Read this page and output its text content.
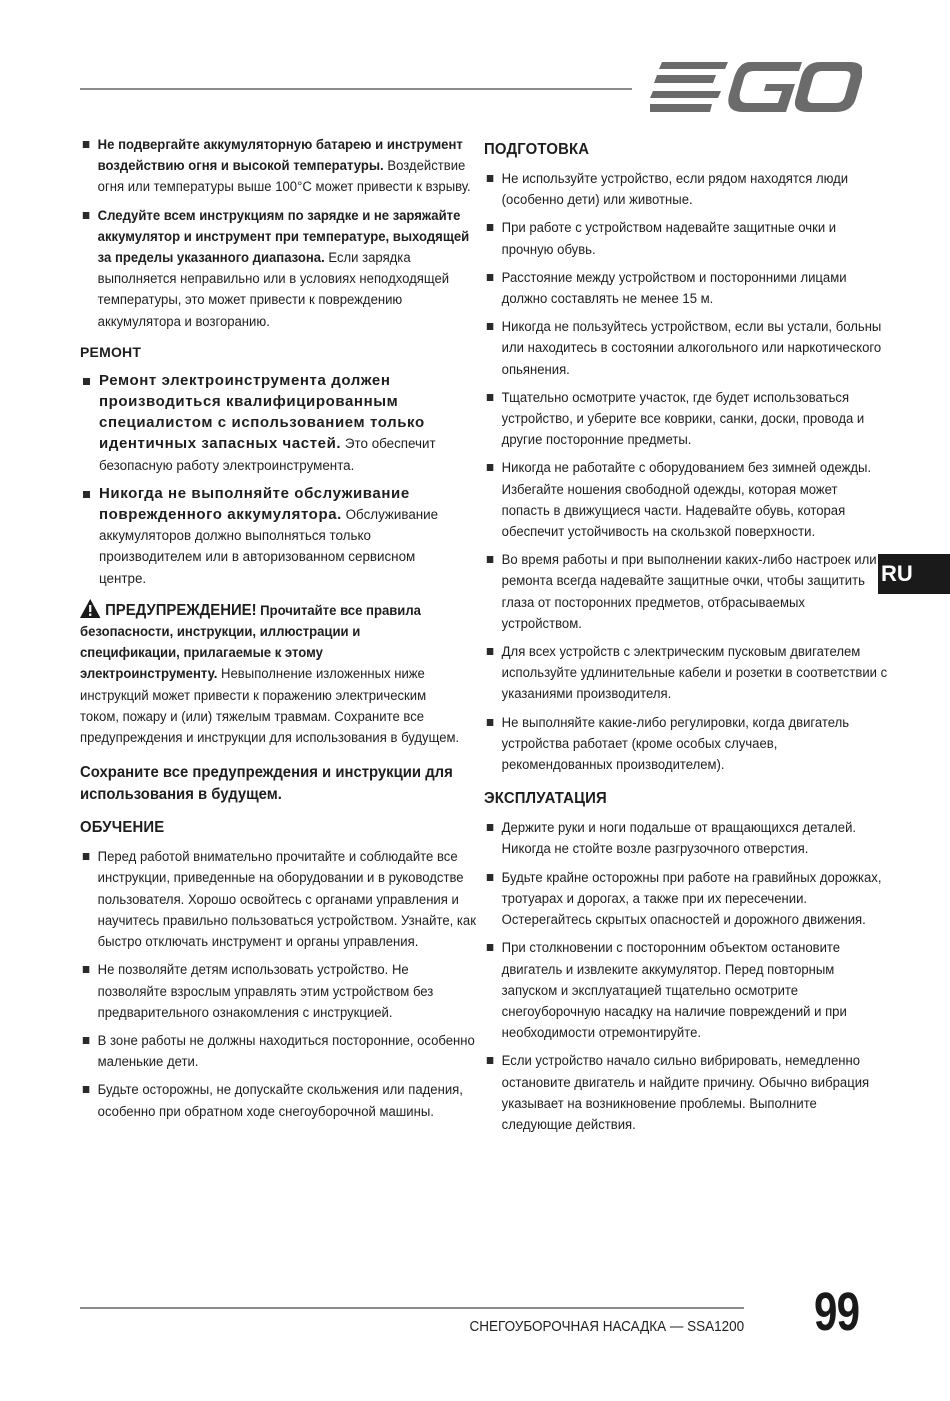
EGO
Не подвергайте аккумуляторную батарею и инструмент воздействию огня и высокой температуры. Воздействие огня или температуры выше 100°C может привести к взрыву.
Следуйте всем инструкциям по зарядке и не заряжайте аккумулятор и инструмент при температуре, выходящей за пределы указанного диапазона. Если зарядка выполняется неправильно или в условиях неподходящей температуры, это может привести к повреждению аккумулятора и возгоранию.
РЕМОНТ
Ремонт электроинструмента должен производиться квалифицированным специалистом с использованием только идентичных запасных частей. Это обеспечит безопасную работу электроинструмента.
Никогда не выполняйте обслуживание поврежденного аккумулятора. Обслуживание аккумуляторов должно выполняться только производителем или в авторизованном сервисном центре.
ПРЕДУПРЕЖДЕНИЕ! Прочитайте все правила безопасности, инструкции, иллюстрации и спецификации, прилагаемые к этому электроинструменту. Невыполнение изложенных ниже инструкций может привести к поражению электрическим током, пожару и (или) тяжелым травмам. Сохраните все предупреждения и инструкции для использования в будущем.
Сохраните все предупреждения и инструкции для использования в будущем.
ОБУЧЕНИЕ
Перед работой внимательно прочитайте и соблюдайте все инструкции, приведенные на оборудовании и в руководстве пользователя. Хорошо освойтесь с органами управления и научитесь правильно пользоваться устройством. Узнайте, как быстро отключать инструмент и органы управления.
Не позволяйте детям использовать устройство. Не позволяйте взрослым управлять этим устройством без предварительного ознакомления с инструкцией.
В зоне работы не должны находиться посторонние, особенно маленькие дети.
Будьте осторожны, не допускайте скольжения или падения, особенно при обратном ходе снегоуборочной машины.
ПОДГОТОВКА
Не используйте устройство, если рядом находятся люди (особенно дети) или животные.
При работе с устройством надевайте защитные очки и прочную обувь.
Расстояние между устройством и посторонними лицами должно составлять не менее 15 м.
Никогда не пользуйтесь устройством, если вы устали, больны или находитесь в состоянии алкогольного или наркотического опьянения.
Тщательно осмотрите участок, где будет использоваться устройство, и уберите все коврики, санки, доски, провода и другие посторонние предметы.
Никогда не работайте с оборудованием без зимней одежды. Избегайте ношения свободной одежды, которая может попасть в движущиеся части. Надевайте обувь, которая обеспечит устойчивость на скользкой поверхности.
Во время работы и при выполнении каких-либо настроек или ремонта всегда надевайте защитные очки, чтобы защитить глаза от посторонних предметов, отбрасываемых устройством.
Для всех устройств с электрическим пусковым двигателем используйте удлинительные кабели и розетки в соответствии с указаниями производителя.
Не выполняйте какие-либо регулировки, когда двигатель устройства работает (кроме особых случаев, рекомендованных производителем).
ЭКСПЛУАТАЦИЯ
Держите руки и ноги подальше от вращающихся деталей. Никогда не стойте возле разгрузочного отверстия.
Будьте крайне осторожны при работе на гравийных дорожках, тротуарах и дорогах, а также при их пересечении. Остерегайтесь скрытых опасностей и дорожного движения.
При столкновении с посторонним объектом остановите двигатель и извлеките аккумулятор. Перед повторным запуском и эксплуатацией тщательно осмотрите снегоуборочную насадку на наличие повреждений и при необходимости отремонтируйте.
Если устройство начало сильно вибрировать, немедленно остановите двигатель и найдите причину. Обычно вибрация указывает на возникновение проблемы. Выполните следующие действия.
RU
СНЕГОУБОРОЧНАЯ НАСАДКА — SSA1200 99
